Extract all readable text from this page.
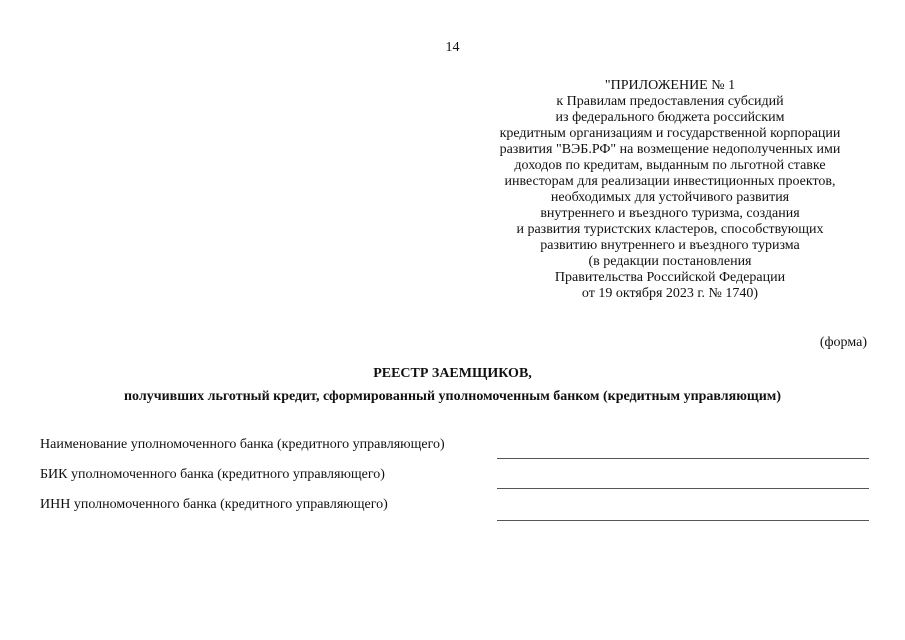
14
"ПРИЛОЖЕНИЕ № 1
к Правилам предоставления субсидий
из федерального бюджета российским
кредитным организациям и государственной корпорации
развития "ВЭБ.РФ" на возмещение недополученных ими
доходов по кредитам, выданным по льготной ставке
инвесторам для реализации инвестиционных проектов,
необходимых для устойчивого развития
внутреннего и въездного туризма, создания
и развития туристских кластеров, способствующих
развитию внутреннего и въездного туризма
(в редакции постановления
Правительства Российской Федерации
от 19 октября 2023 г. № 1740)
(форма)
РЕЕСТР ЗАЕМЩИКОВ,
получивших льготный кредит, сформированный уполномоченным банком (кредитным управляющим)
Наименование уполномоченного банка (кредитного управляющего)
БИК уполномоченного банка (кредитного управляющего)
ИНН уполномоченного банка (кредитного управляющего)
